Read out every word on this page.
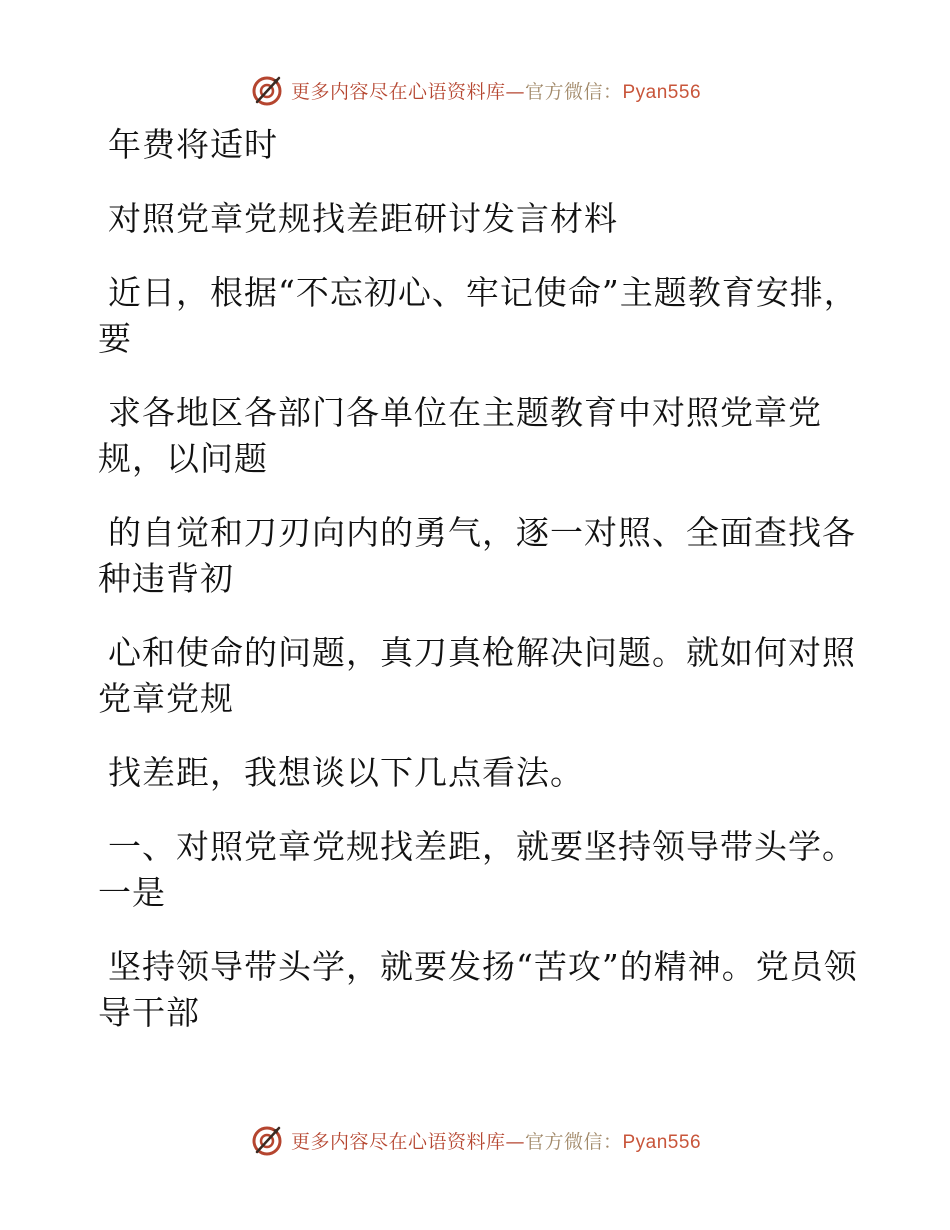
更多内容尽在心语资料库—官方微信：Pyan556

年费将适时

对照党章党规找差距研讨发言材料

近日，根据“不忘初心、牢记使命”主题教育安排，要

求各地区各部门各单位在主题教育中对照党章党规，以问题

的自觉和刀刃向内的勇气，逐一对照、全面查找各种违背初

心和使命的问题，真刀真枪解决问题。就如何对照党章党规

找差距，我想谈以下几点看法。

一、对照党章党规找差距，就要坚持领导带头学。一是

坚持领导带头学，就要发扬“苦攻”的精神。党员领导干部

更多内容尽在心语资料库—官方微信：Pyan556
